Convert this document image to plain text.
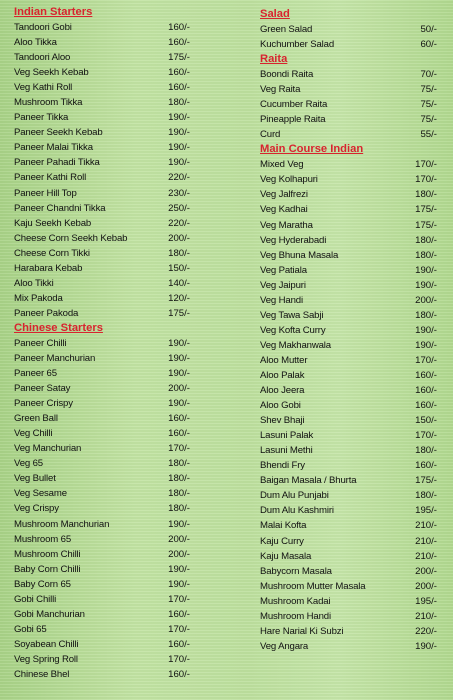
Indian Starters
Tandoori Gobi	160/-
Aloo Tikka	160/-
Tandoori Aloo	175/-
Veg Seekh Kebab	160/-
Veg Kathi Roll	160/-
Mushroom Tikka	180/-
Paneer Tikka	190/-
Paneer Seekh Kebab	190/-
Paneer Malai Tikka	190/-
Paneer Pahadi Tikka	190/-
Paneer Kathi Roll	220/-
Paneer Hill Top	230/-
Paneer Chandni Tikka	250/-
Kaju Seekh Kebab	220/-
Cheese Corn Seekh Kebab	200/-
Cheese Corn Tikki	180/-
Harabara Kebab	150/-
Aloo Tikki	140/-
Mix Pakoda	120/-
Paneer Pakoda	175/-
Chinese Starters
Paneer Chilli	190/-
Paneer Manchurian	190/-
Paneer 65	190/-
Paneer Satay	200/-
Paneer Crispy	190/-
Green Ball	160/-
Veg Chilli	160/-
Veg Manchurian	170/-
Veg 65	180/-
Veg Bullet	180/-
Veg Sesame	180/-
Veg Crispy	180/-
Mushroom Manchurian	190/-
Mushroom 65	200/-
Mushroom Chilli	200/-
Baby Corn Chilli	190/-
Baby Corn 65	190/-
Gobi Chilli	170/-
Gobi Manchurian	160/-
Gobi 65	170/-
Soyabean Chilli	160/-
Veg Spring Roll	170/-
Chinese Bhel	160/-
Salad
Green Salad	50/-
Kuchumber Salad	60/-
Raita
Boondi Raita	70/-
Veg Raita	75/-
Cucumber Raita	75/-
Pineapple Raita	75/-
Curd	55/-
Main Course Indian
Mixed Veg	170/-
Veg Kolhapuri	170/-
Veg Jalfrezi	180/-
Veg Kadhai	175/-
Veg Maratha	175/-
Veg Hyderabadi	180/-
Veg Bhuna Masala	180/-
Veg Patiala	190/-
Veg Jaipuri	190/-
Veg Handi	200/-
Veg Tawa Sabji	180/-
Veg Kofta Curry	190/-
Veg Makhanwala	190/-
Aloo Mutter	170/-
Aloo Palak	160/-
Aloo Jeera	160/-
Aloo Gobi	160/-
Shev Bhaji	150/-
Lasuni Palak	170/-
Lasuni Methi	180/-
Bhendi Fry	160/-
Baigan Masala / Bhurta	175/-
Dum Alu Punjabi	180/-
Dum Alu Kashmiri	195/-
Malai Kofta	210/-
Kaju Curry	210/-
Kaju Masala	210/-
Babycorn Masala	200/-
Mushroom Mutter Masala	200/-
Mushroom Kadai	195/-
Mushroom Handi	210/-
Hare Narial Ki Subzi	220/-
Veg Angara	190/-
